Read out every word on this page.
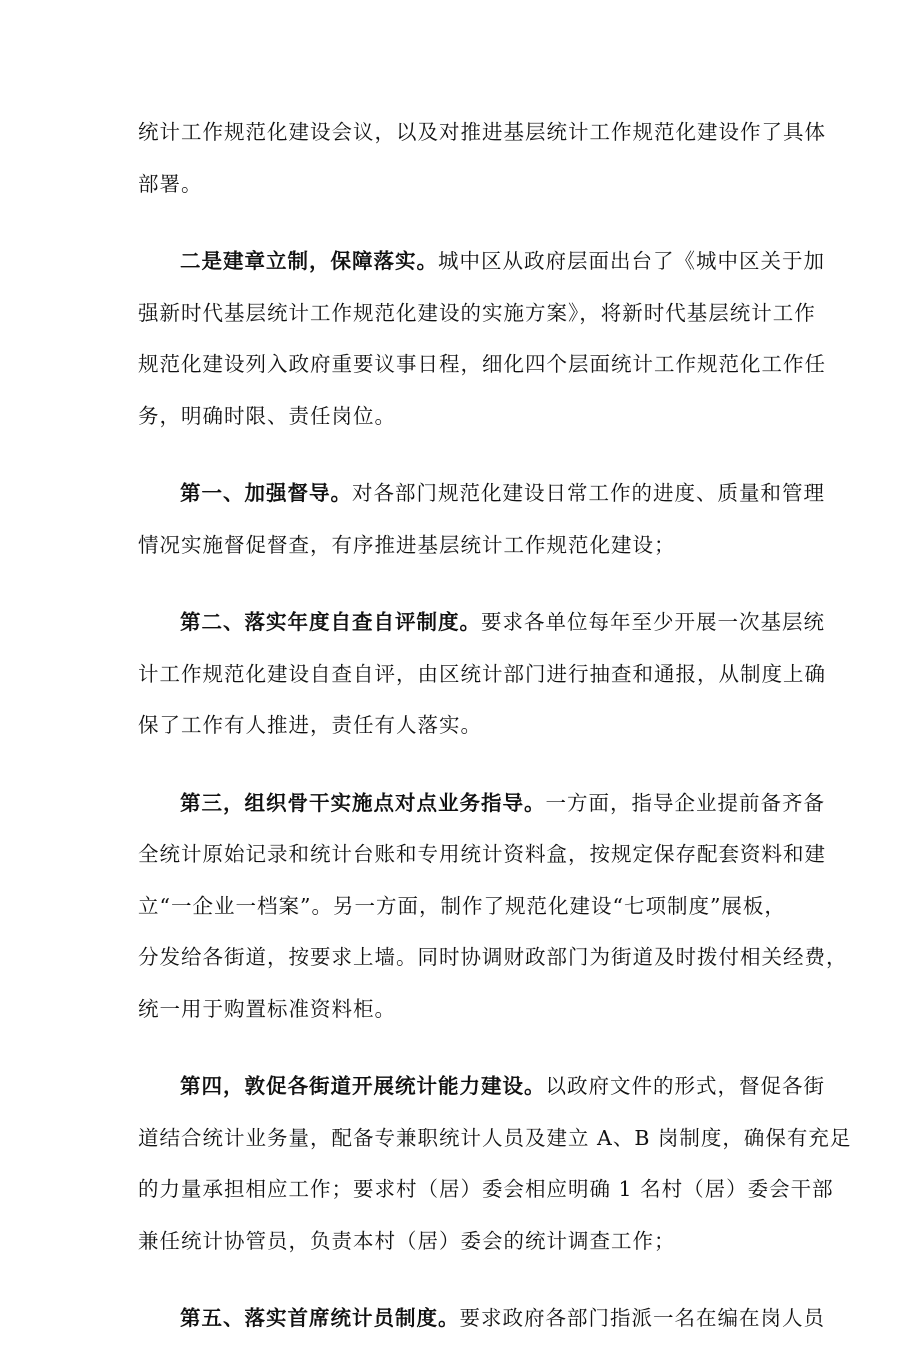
统计工作规范化建设会议，以及对推进基层统计工作规范化建设作了具体
部署。

二是建章立制，保障落实。城中区从政府层面出台了《城中区关于加
强新时代基层统计工作规范化建设的实施方案》，将新时代基层统计工作
规范化建设列入政府重要议事日程，细化四个层面统计工作规范化工作任
务，明确时限、责任岗位。

第一、加强督导。对各部门规范化建设日常工作的进度、质量和管理
情况实施督促督查，有序推进基层统计工作规范化建设；

第二、落实年度自查自评制度。要求各单位每年至少开展一次基层统
计工作规范化建设自查自评，由区统计部门进行抽查和通报，从制度上确
保了工作有人推进，责任有人落实。

第三，组织骨干实施点对点业务指导。一方面，指导企业提前备齐备
全统计原始记录和统计台账和专用统计资料盒，按规定保存配套资料和建
立“一企业一档案”。另一方面，制作了规范化建设“七项制度”展板，
分发给各街道，按要求上墙。同时协调财政部门为街道及时拨付相关经费，
统一用于购置标准资料柜。

第四，敦促各街道开展统计能力建设。以政府文件的形式，督促各街
道结合统计业务量，配备专兼职统计人员及建立 A、B 岗制度，确保有充足
的力量承担相应工作；要求村（居）委会相应明确 1 名村（居）委会干部
兼任统计协管员，负责本村（居）委会的统计调查工作；

第五、落实首席统计员制度。要求政府各部门指派一名在编在岗人员
